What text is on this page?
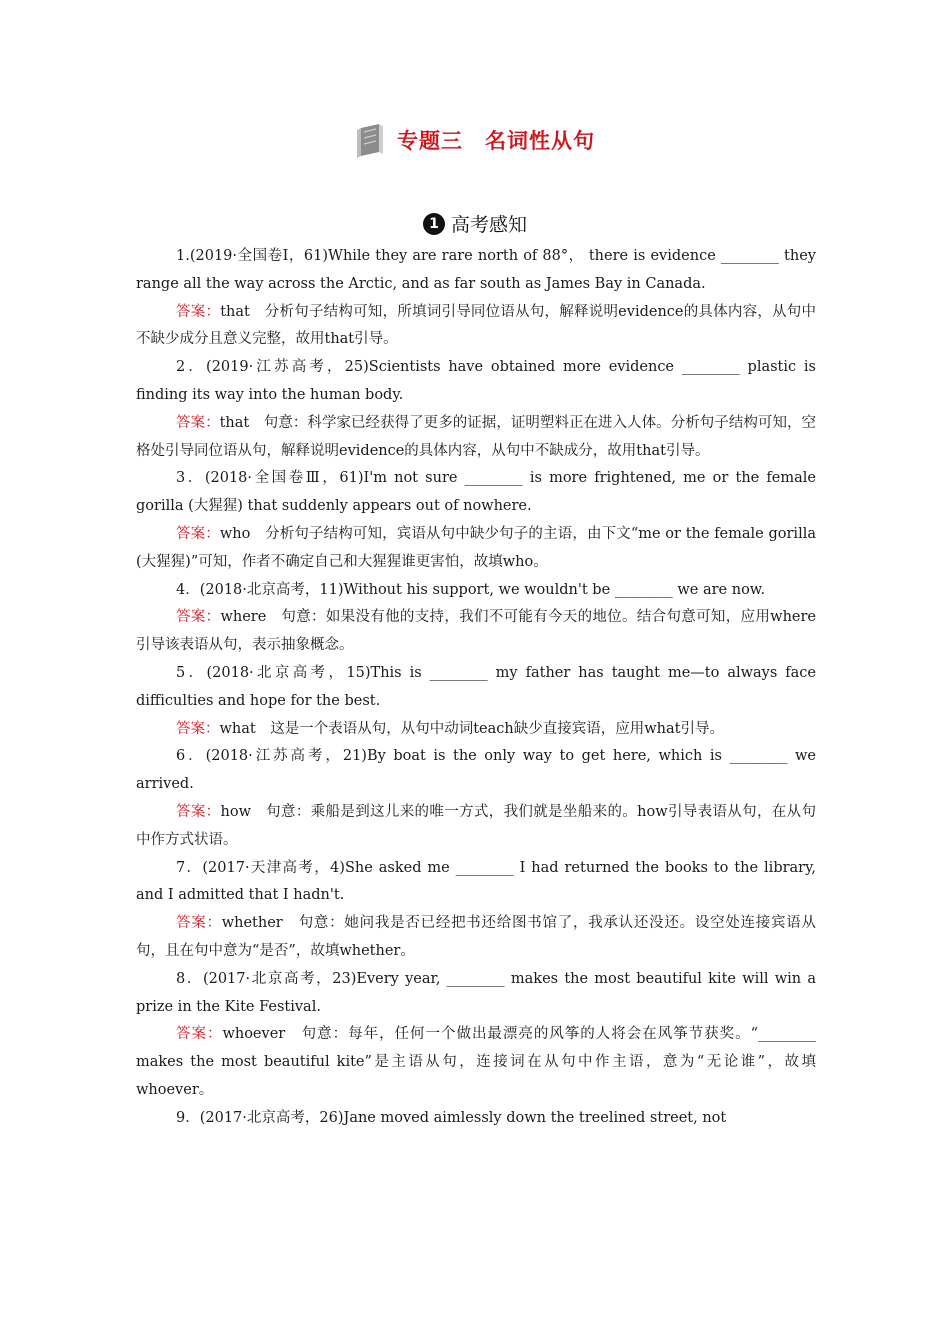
专题三　名词性从句
1 高考感知

1.(2019·全国卷Ⅰ，61)While they are rare north of 88°， there is evidence ________ they range all the way across the Arctic, and as far south as James Bay in Canada.

答案：that　分析句子结构可知，所填词引导同位语从句，解释说明evidence的具体内容，从句中不缺少成分且意义完整，故用that引导。

2．(2019·江苏高考，25)Scientists have obtained more evidence ________ plastic is finding its way into the human body.

答案：that　句意：科学家已经获得了更多的证据，证明塑料正在进入人体。分析句子结构可知，空格处引导同位语从句，解释说明evidence的具体内容，从句中不缺成分，故用that引导。

3．(2018·全国卷Ⅲ，61)I'm not sure ________ is more frightened, me or the female gorilla (大猩猩) that suddenly appears out of nowhere.

答案：who　分析句子结构可知，宾语从句中缺少句子的主语，由下文“me or the female gorilla (大猩猩)”可知，作者不确定自己和大猩猩谁更害怕，故填who。

4．(2018·北京高考，11)Without his support, we wouldn't be ________ we are now.

答案：where　句意：如果没有他的支持，我们不可能有今天的地位。结合句意可知，应用where引导该表语从句，表示抽象概念。

5．(2018·北京高考，15)This is ________ my father has taught me—to always face difficulties and hope for the best.

答案：what　这是一个表语从句，从句中动词teach缺少直接宾语，应用what引导。

6．(2018·江苏高考，21)By boat is the only way to get here, which is ________ we arrived.

答案：how　句意：乘船是到这儿来的唯一方式，我们就是坐船来的。how引导表语从句，在从句中作方式状语。

7．(2017·天津高考，4)She asked me ________ I had returned the books to the library, and I admitted that I hadn't.

答案：whether　句意：她问我是否已经把书还给图书馆了，我承认还没还。设空处连接宾语从句，且在句中意为“是否”，故填whether。

8．(2017·北京高考，23)Every year, ________ makes the most beautiful kite will win a prize in the Kite Festival.

答案：whoever　句意：每年，任何一个做出最漂亮的风筝的人将会在风筝节获奖。“________ makes the most beautiful kite”是主语从句，连接词在从句中作主语，意为“无论谁”，故填whoever。

9．(2017·北京高考，26)Jane moved aimlessly down the treelined street, not
